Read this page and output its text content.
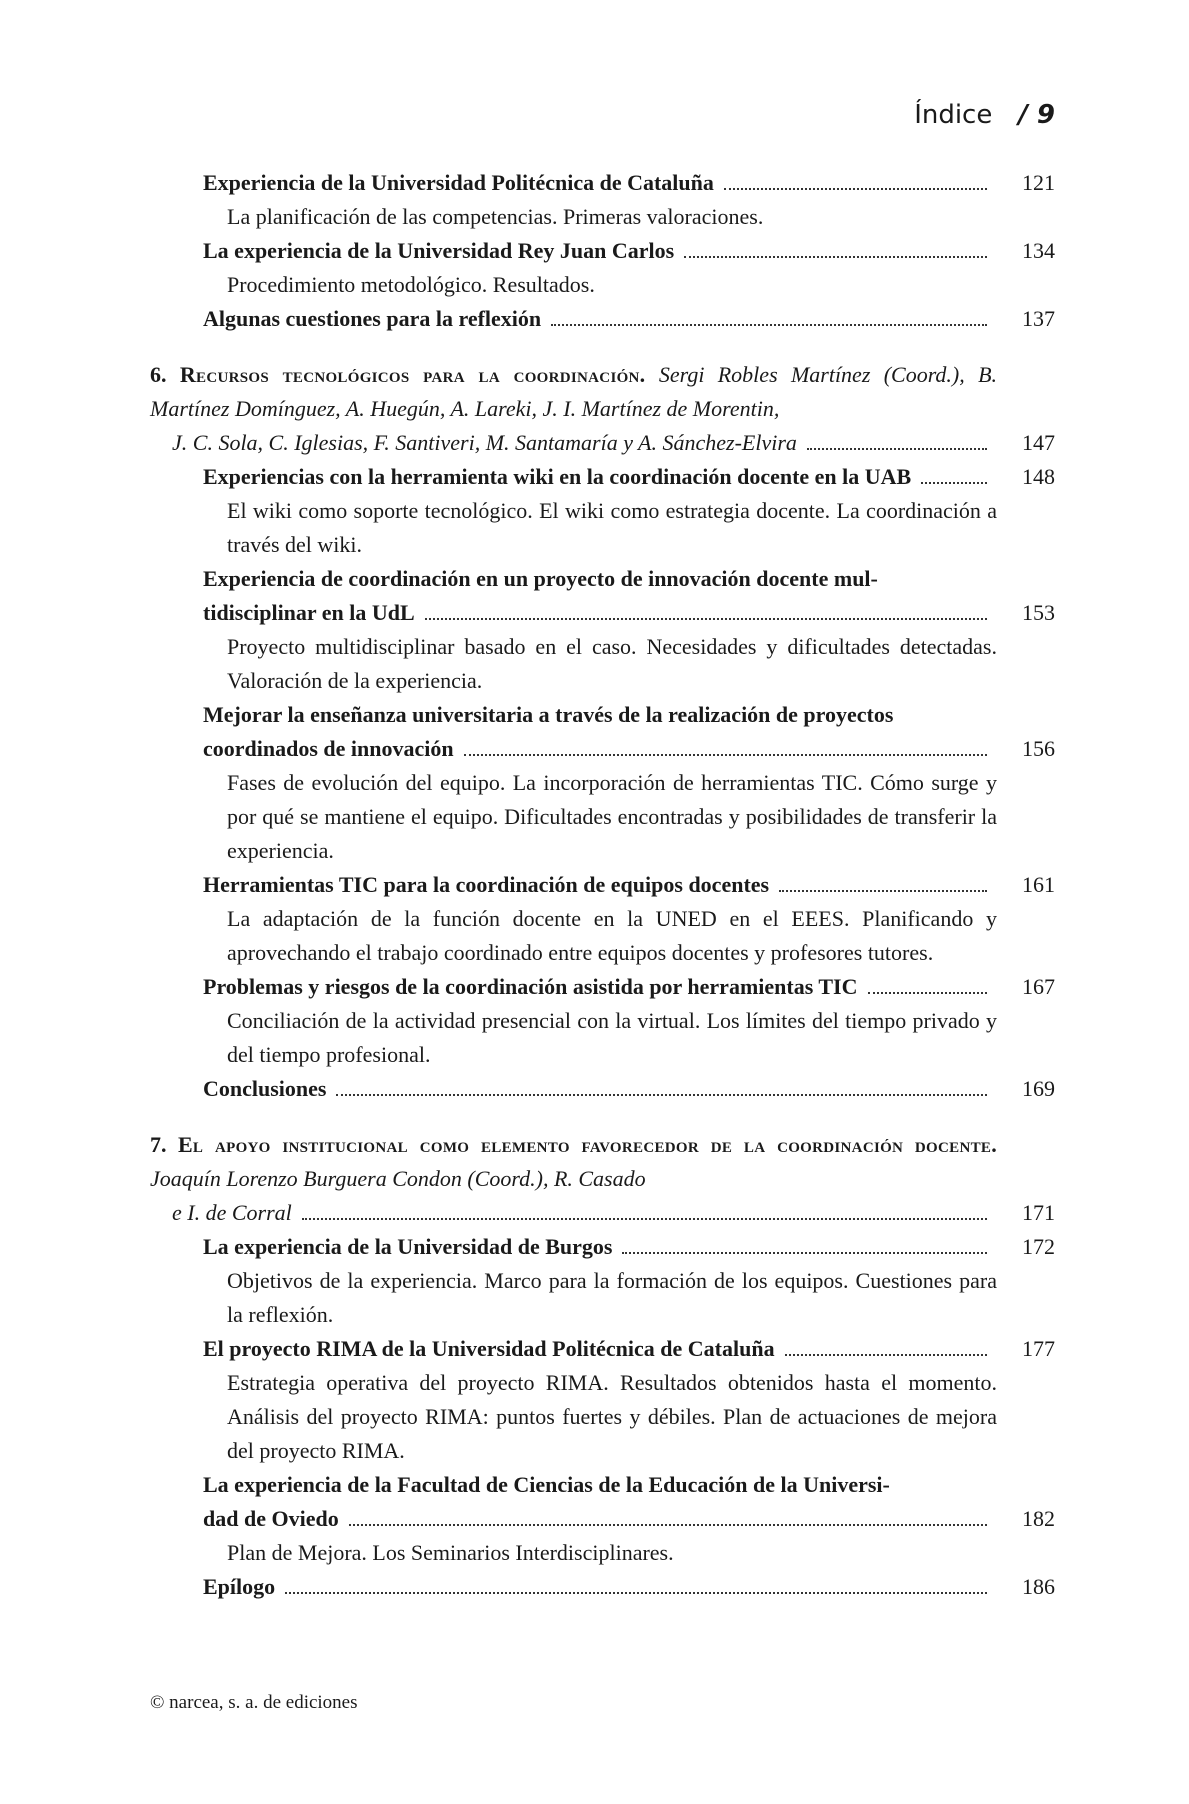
Índice / 9
Experiencia de la Universidad Politécnica de Cataluña	121
La planificación de las competencias. Primeras valoraciones.
La experiencia de la Universidad Rey Juan Carlos	134
Procedimiento metodológico. Resultados.
Algunas cuestiones para la reflexión	137
6. Recursos tecnológicos para la coordinación. Sergi Robles Martínez (Coord.), B. Martínez Domínguez, A. Huegún, A. Lareki, J. I. Martínez de Morentin,
J. C. Sola, C. Iglesias, F. Santiveri, M. Santamaría y A. Sánchez-Elvira	147
Experiencias con la herramienta wiki en la coordinación docente en la UAB	148
El wiki como soporte tecnológico. El wiki como estrategia docente. La coordinación a través del wiki.
Experiencia de coordinación en un proyecto de innovación docente mul-
tidisciplinar en la UdL	153
Proyecto multidisciplinar basado en el caso. Necesidades y dificultades detectadas. Valoración de la experiencia.
Mejorar la enseñanza universitaria a través de la realización de proyectos
coordinados de innovación	156
Fases de evolución del equipo. La incorporación de herramientas TIC. Cómo surge y por qué se mantiene el equipo. Dificultades encontradas y posibilidades de transferir la experiencia.
Herramientas TIC para la coordinación de equipos docentes	161
La adaptación de la función docente en la UNED en el EEES. Planificando y aprovechando el trabajo coordinado entre equipos docentes y profesores tutores.
Problemas y riesgos de la coordinación asistida por herramientas TIC	167
Conciliación de la actividad presencial con la virtual. Los límites del tiempo privado y del tiempo profesional.
Conclusiones	169
7. El apoyo institucional como elemento favorecedor de la coordinación docente. Joaquín Lorenzo Burguera Condon (Coord.), R. Casado
e I. de Corral	171
La experiencia de la Universidad de Burgos	172
Objetivos de la experiencia. Marco para la formación de los equipos. Cuestiones para la reflexión.
El proyecto RIMA de la Universidad Politécnica de Cataluña	177
Estrategia operativa del proyecto RIMA. Resultados obtenidos hasta el momento. Análisis del proyecto RIMA: puntos fuertes y débiles. Plan de actuaciones de mejora del proyecto RIMA.
La experiencia de la Facultad de Ciencias de la Educación de la Universi-
dad de Oviedo	182
Plan de Mejora. Los Seminarios Interdisciplinares.
Epílogo	186
© narcea, s. a. de ediciones
